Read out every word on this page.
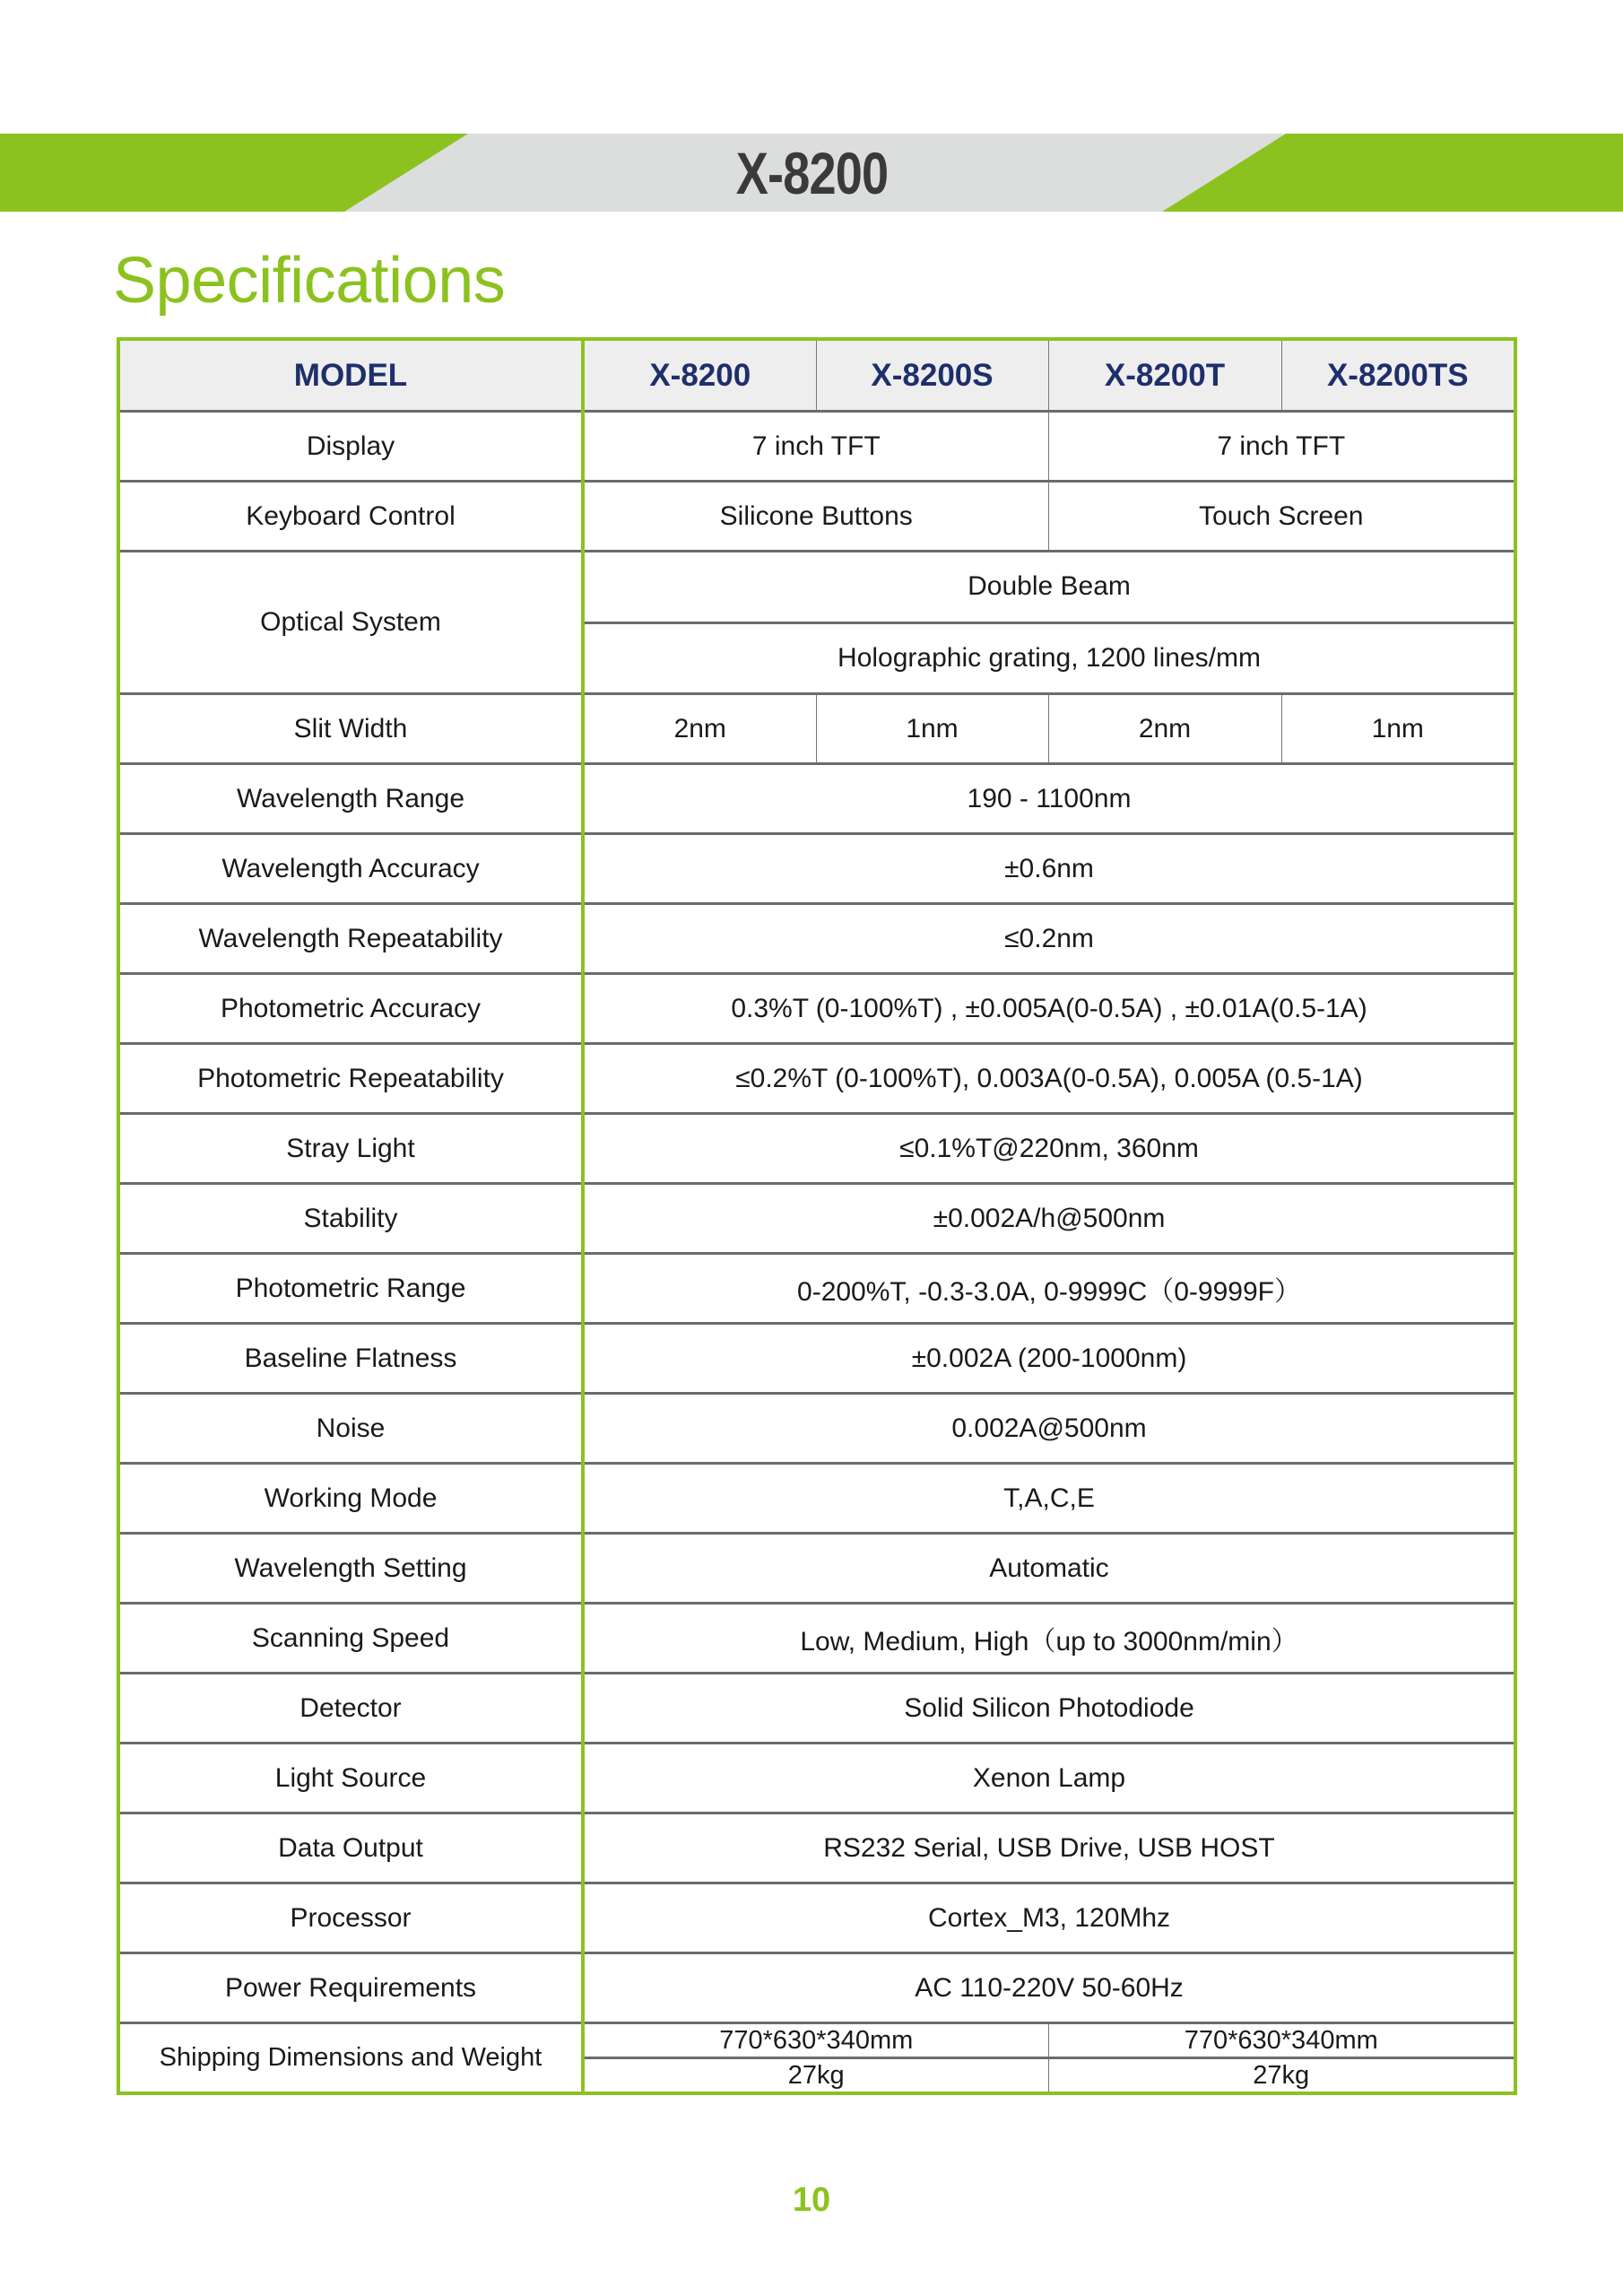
X-8200
Specifications
MODEL	X-8200	X-8200S	X-8200T	X-8200TS
Display	7 inch TFT		7 inch TFT	
Keyboard Control	Silicone Buttons		Touch Screen	
Optical System	Double Beam			
	Holographic grating, 1200 lines/mm			
Slit Width	2nm	1nm	2nm	1nm
Wavelength Range	190 - 1100nm			
Wavelength Accuracy	±0.6nm			
Wavelength Repeatability	≤0.2nm			
Photometric Accuracy	0.3%T (0-100%T) , ±0.005A(0-0.5A) , ±0.01A(0.5-1A)			
Photometric Repeatability	≤0.2%T (0-100%T), 0.003A(0-0.5A), 0.005A (0.5-1A)			
Stray Light	≤0.1%T@220nm, 360nm			
Stability	±0.002A/h@500nm			
Photometric Range	0-200%T, -0.3-3.0A, 0-9999C（0-9999F）			
Baseline Flatness	±0.002A (200-1000nm)			
Noise	0.002A@500nm			
Working Mode	T,A,C,E			
Wavelength Setting	Automatic			
Scanning Speed	Low, Medium, High（up to 3000nm/min）			
Detector	Solid Silicon Photodiode			
Light Source	Xenon Lamp			
Data Output	RS232 Serial, USB Drive, USB HOST			
Processor	Cortex_M3, 120Mhz			
Power Requirements	AC 110-220V 50-60Hz			
Shipping Dimensions and Weight	770*630*340mm		770*630*340mm	
	27kg		27kg	
10
